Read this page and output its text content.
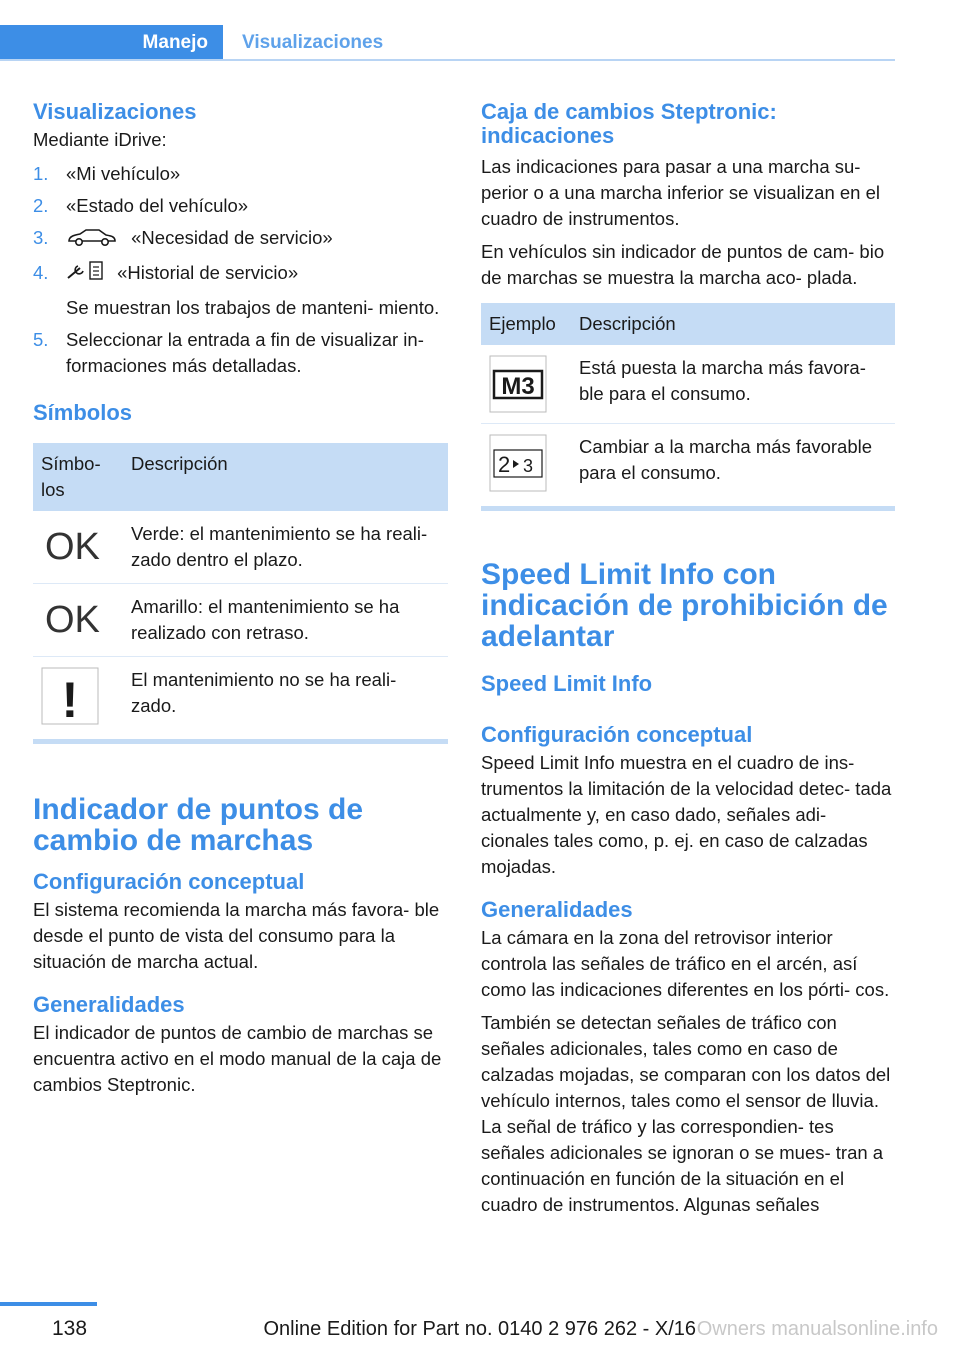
Manejo	Visualizaciones
Visualizaciones

Mediante iDrive:

1. «Mi vehículo»
2. «Estado del vehículo»
3.	«Necesidad de servicio»
4.	«Historial de servicio»
Se muestran los trabajos de manteni- miento.
5. Seleccionar la entrada a fin de visualizar in- formaciones más detalladas.
Símbolos
Símbo- los	Descripción

OK	Verde: el mantenimiento se ha reali- zado dentro el plazo.

OK	Amarillo: el mantenimiento se ha realizado con retraso.

!	El mantenimiento no se ha reali- zado.
Indicador de puntos de cambio de marchas
Configuración conceptual

El sistema recomienda la marcha más favora- ble desde el punto de vista del consumo para la situación de marcha actual.

Generalidades

El indicador de puntos de cambio de marchas se encuentra activo en el modo manual de la caja de cambios Steptronic.

Caja de cambios Steptronic: indicaciones

Las indicaciones para pasar a una marcha su- perior o a una marcha inferior se visualizan en el cuadro de instrumentos.

En vehículos sin indicador de puntos de cam- bio de marchas se muestra la marcha aco- plada.

Ejemplo	Descripción

M3	Está puesta la marcha más favora- ble para el consumo.

2 3	Cambiar a la marcha más favorable para el consumo.
Speed Limit Info con indicación de prohibición de adelantar
Speed Limit Info
Configuración conceptual

Speed Limit Info muestra en el cuadro de ins- trumentos la limitación de la velocidad detec- tada actualmente y, en caso dado, señales adi- cionales tales como, p. ej. en caso de calzadas mojadas.

Generalidades

La cámara en la zona del retrovisor interior controla las señales de tráfico en el arcén, así como las indicaciones diferentes en los pórti- cos.

También se detectan señales de tráfico con señales adicionales, tales como en caso de calzadas mojadas, se comparan con los datos del vehículo internos, tales como el sensor de lluvia. La señal de tráfico y las correspondien- tes señales adicionales se ignoran o se mues- tran a continuación en función de la situación en el cuadro de instrumentos. Algunas señales

138	Online Edition for Part no. 0140 2 976 262 - X/16 Owners manualsonline.info
